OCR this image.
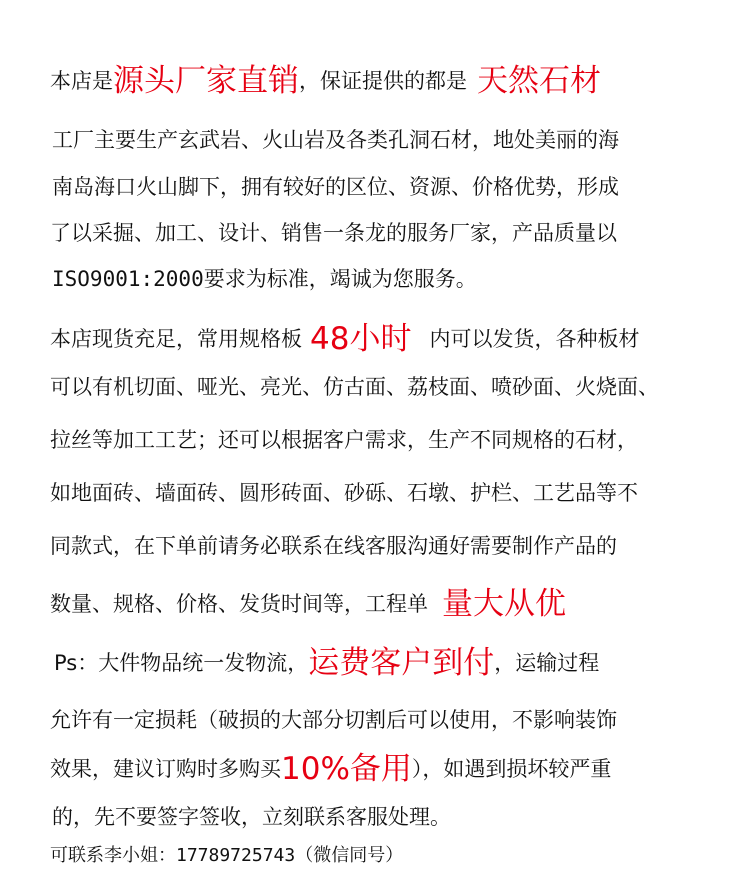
本店是源头厂家直销，保证提供的都是 天然石材
工厂主要生产玄武岩、火山岩及各类孔洞石材，地处美丽的海
南岛海口火山脚下，拥有较好的区位、资源、价格优势，形成
了以采掘、加工、设计、销售一条龙的服务厂家，产品质量以
ISO9001:2000要求为标准，竭诚为您服务。
本店现货充足，常用规格板 48小时 内可以发货，各种板材
可以有机切面、哑光、亮光、仿古面、荔枝面、喷砂面、火烧面、
拉丝等加工工艺；还可以根据客户需求，生产不同规格的石材，
如地面砖、墙面砖、圆形砖面、砂砾、石墩、护栏、工艺品等不
同款式，在下单前请务必联系在线客服沟通好需要制作产品的
数量、规格、价格、发货时间等，工程单 量大从优
Ps：大件物品统一发物流，运费客户到付，运输过程
允许有一定损耗（破损的大部分切割后可以使用，不影响装饰
效果，建议订购时多购买10%备用），如遇到损坏较严重
的，先不要签字签收，立刻联系客服处理。
可联系李小姐：17789725743（微信同号）
